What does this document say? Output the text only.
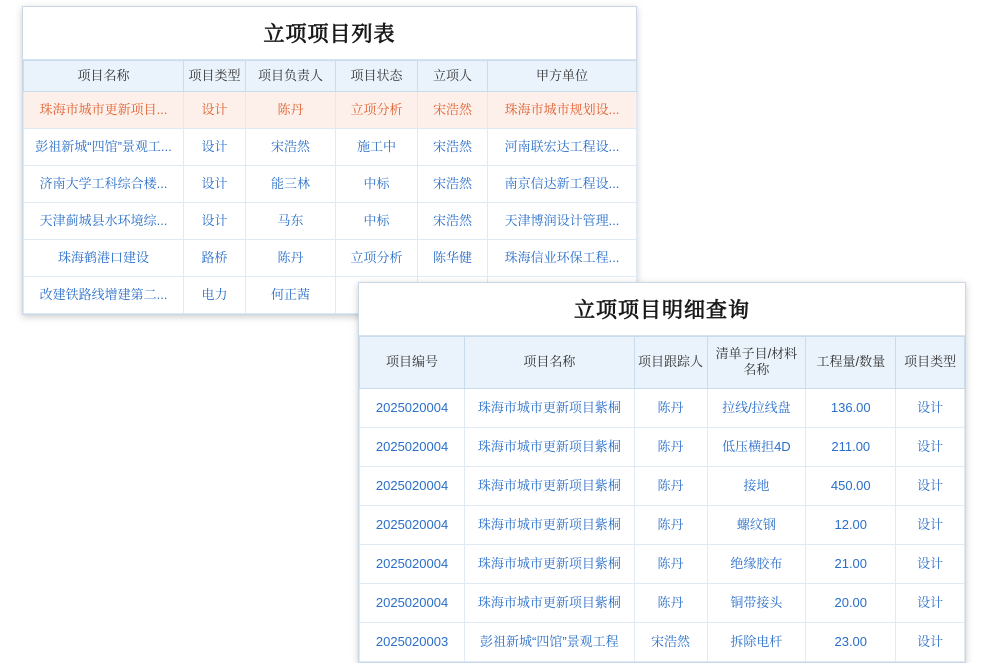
立项项目列表
项目名称	项目类型	项目负责人	项目状态	立项人	甲方单位
珠海市城市更新项目...	设计	陈丹	立项分析	宋浩然	珠海市城市规划设...
彭祖新城“四馆”景观工...	设计	宋浩然	施工中	宋浩然	河南联宏达工程设...
济南大学工科综合楼...	设计	能三林	中标	宋浩然	南京信达新工程设...
天津蓟城县水环境综...	设计	马东	中标	宋浩然	天津博润设计管理...
珠海鹤港口建设	路桥	陈丹	立项分析	陈华健	珠海信业环保工程...
改建铁路线增建第二...	电力	何正茜			
立项项目明细查询
项目编号	项目名称	项目跟踪人	清单子目/材料名称	工程量/数量	项目类型
2025020004	珠海市城市更新项目紫桐	陈丹	拉线/拉线盘	136.00	设计
2025020004	珠海市城市更新项目紫桐	陈丹	低压横担4D	211.00	设计
2025020004	珠海市城市更新项目紫桐	陈丹	接地	450.00	设计
2025020004	珠海市城市更新项目紫桐	陈丹	螺纹钢	12.00	设计
2025020004	珠海市城市更新项目紫桐	陈丹	绝缘胶布	21.00	设计
2025020004	珠海市城市更新项目紫桐	陈丹	铜带接头	20.00	设计
2025020003	彭祖新城“四馆”景观工程	宋浩然	拆除电杆	23.00	设计
